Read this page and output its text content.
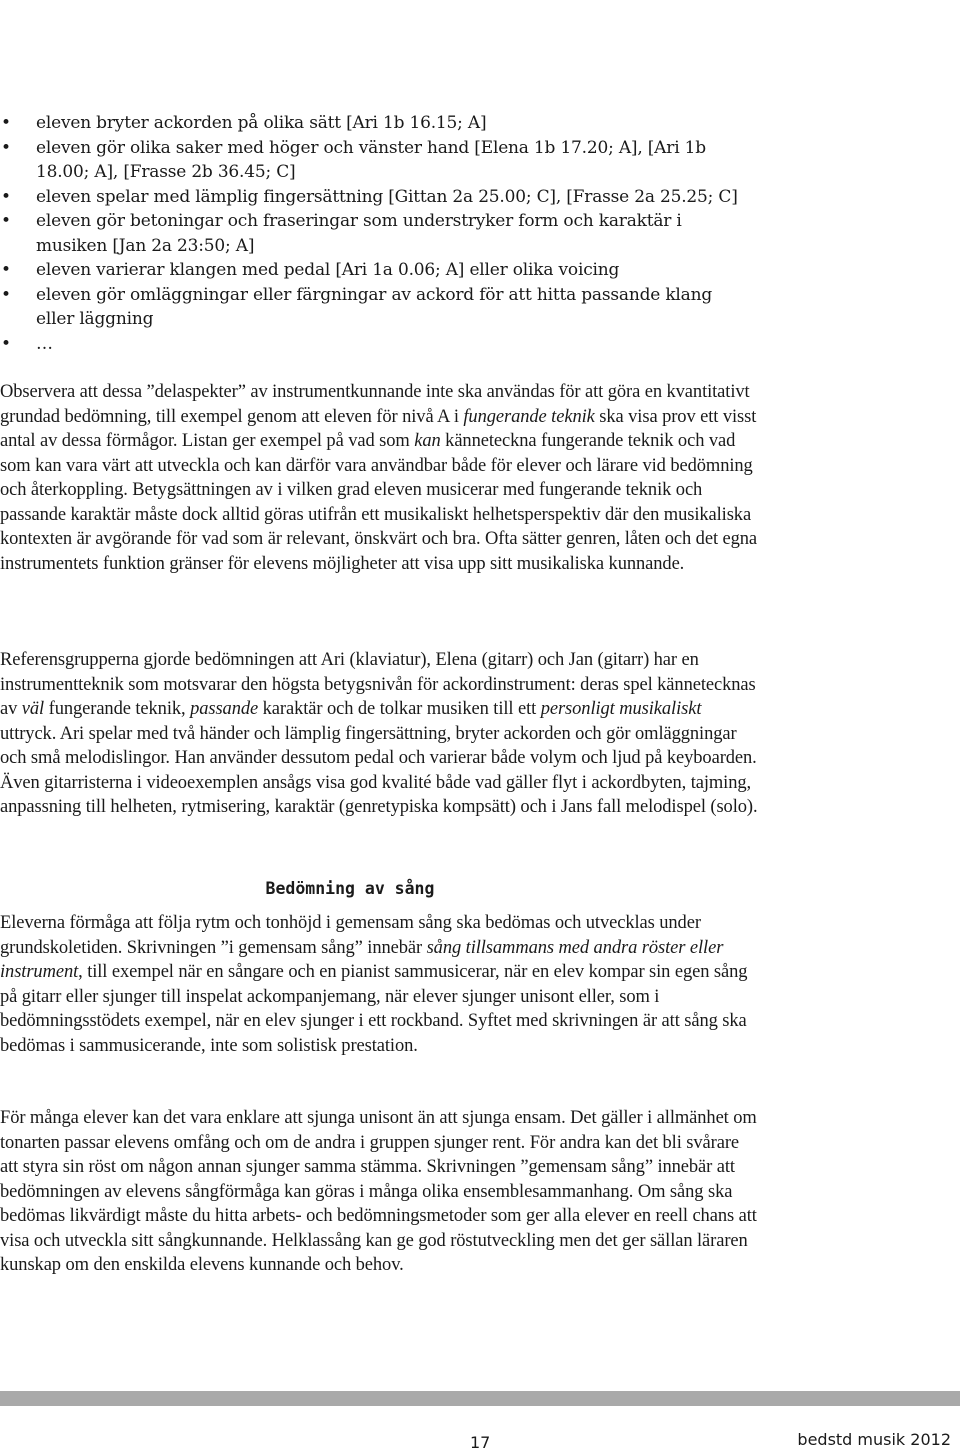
• eleven bryter ackorden på olika sätt [Ari 1b 16.15; A]
• eleven gör olika saker med höger och vänster hand [Elena 1b 17.20; A], [Ari 1b 18.00; A], [Frasse 2b 36.45; C]
• eleven spelar med lämplig fingersättning [Gittan 2a 25.00; C], [Frasse 2a 25.25; C]
• eleven gör betoningar och fraseringar som understryker form och karaktär i musiken [Jan 2a 23:50; A]
• eleven varierar klangen med pedal [Ari 1a 0.06; A] eller olika voicing
• eleven gör omläggningar eller färgningar av ackord för att hitta passande klang eller läggning
• …

Observera att dessa ”delaspekter” av instrumentkunnande inte ska användas för att göra en kvantitativt grundad bedömning, till exempel genom att eleven för nivå A i fungerande teknik ska visa prov ett visst antal av dessa förmågor. Listan ger exempel på vad som kan känneteckna fungerande teknik och vad som kan vara värt att utveckla och kan därför vara användbar både för elever och lärare vid bedömning och återkoppling. Betygsättningen av i vilken grad eleven musicerar med fungerande teknik och passande karaktär måste dock alltid göras utifrån ett musikaliskt helhetsperspektiv där den musikaliska kontexten är avgörande för vad som är relevant, önskvärt och bra. Ofta sätter genren, låten och det egna instrumentets funktion gränser för elevens möjligheter att visa upp sitt musikaliska kunnande.

Referensgrupperna gjorde bedömningen att Ari (klaviatur), Elena (gitarr) och Jan (gitarr) har en instrumentteknik som motsvarar den högsta betygsnivån för ackordinstrument: deras spel kännetecknas av väl fungerande teknik, passande karaktär och de tolkar musiken till ett personligt musikaliskt uttryck. Ari spelar med två händer och lämplig fingersättning, bryter ackorden och gör omläggningar och små melodislingor. Han använder dessutom pedal och varierar både volym och ljud på keyboarden. Även gitarristerna i videoexemplen ansågs visa god kvalité både vad gäller flyt i ackordbyten, tajming, anpassning till helheten, rytmisering, karaktär (genretypiska kompsätt) och i Jans fall melodispel (solo).

Bedömning av sång

Eleverna förmåga att följa rytm och tonhöjd i gemensam sång ska bedömas och utvecklas under grundskoletiden. Skrivningen ”i gemensam sång” innebär sång tillsammans med andra röster eller instrument, till exempel när en sångare och en pianist sammusicerar, när en elev kompar sin egen sång på gitarr eller sjunger till inspelat ackompanjemang, när elever sjunger unisont eller, som i bedömningsstödets exempel, när en elev sjunger i ett rockband. Syftet med skrivningen är att sång ska bedömas i sammusicerande, inte som solistisk prestation.

För många elever kan det vara enklare att sjunga unisont än att sjunga ensam. Det gäller i allmänhet om tonarten passar elevens omfång och om de andra i gruppen sjunger rent. För andra kan det bli svårare att styra sin röst om någon annan sjunger samma stämma. Skrivningen ”gemensam sång” innebär att bedömningen av elevens sångförmåga kan göras i många olika ensemblesammanhang. Om sång ska bedömas likvärdigt måste du hitta arbets- och bedömningsmetoder som ger alla elever en reell chans att visa och utveckla sitt sångkunnande. Helklassång kan ge god röstutveckling men det ger sällan läraren kunskap om den enskilda elevens kunnande och behov.

17	bedstd musik 2012
